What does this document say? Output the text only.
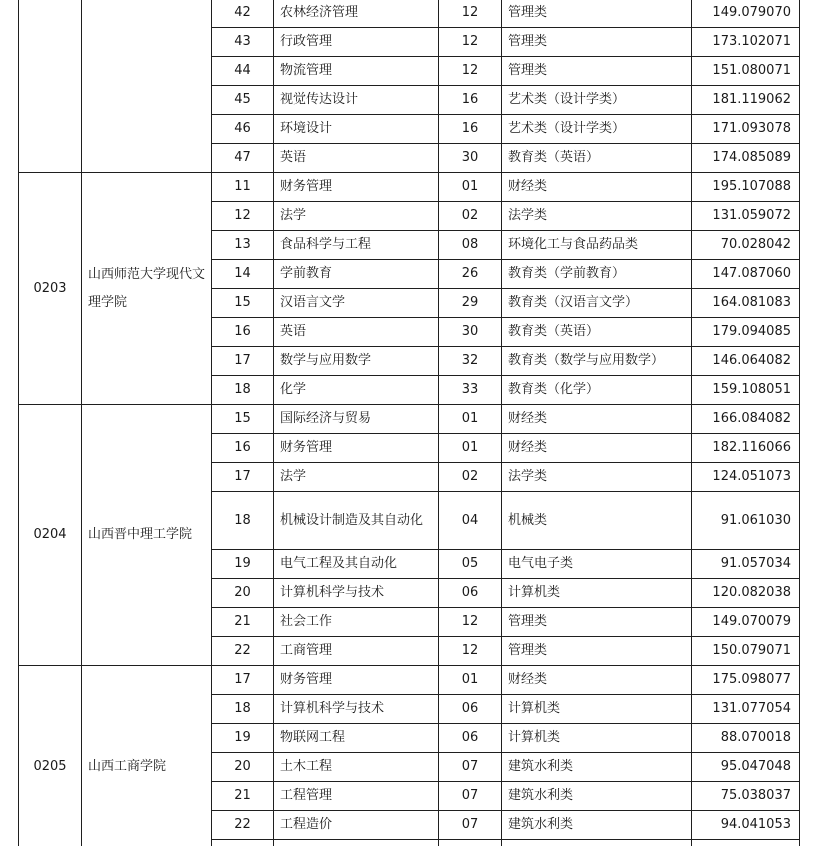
		42	农林经济管理	12	管理类	149.079070
		43	行政管理	12	管理类	173.102071
		44	物流管理	12	管理类	151.080071
		45	视觉传达设计	16	艺术类（设计学类）	181.119062
		46	环境设计	16	艺术类（设计学类）	171.093078
		47	英语	30	教育类（英语）	174.085089
0203	山西师范大学现代文理学院	11	财务管理	01	财经类	195.107088
		12	法学	02	法学类	131.059072
		13	食品科学与工程	08	环境化工与食品药品类	70.028042
		14	学前教育	26	教育类（学前教育）	147.087060
		15	汉语言文学	29	教育类（汉语言文学）	164.081083
		16	英语	30	教育类（英语）	179.094085
		17	数学与应用数学	32	教育类（数学与应用数学）	146.064082
		18	化学	33	教育类（化学）	159.108051
0204	山西晋中理工学院	15	国际经济与贸易	01	财经类	166.084082
		16	财务管理	01	财经类	182.116066
		17	法学	02	法学类	124.051073
		18	机械设计制造及其自动化	04	机械类	91.061030
		19	电气工程及其自动化	05	电气电子类	91.057034
		20	计算机科学与技术	06	计算机类	120.082038
		21	社会工作	12	管理类	149.070079
		22	工商管理	12	管理类	150.079071
0205	山西工商学院	17	财务管理	01	财经类	175.098077
		18	计算机科学与技术	06	计算机类	131.077054
		19	物联网工程	06	计算机类	88.070018
		20	土木工程	07	建筑水利类	95.047048
		21	工程管理	07	建筑水利类	75.038037
		22	工程造价	07	建筑水利类	94.041053
